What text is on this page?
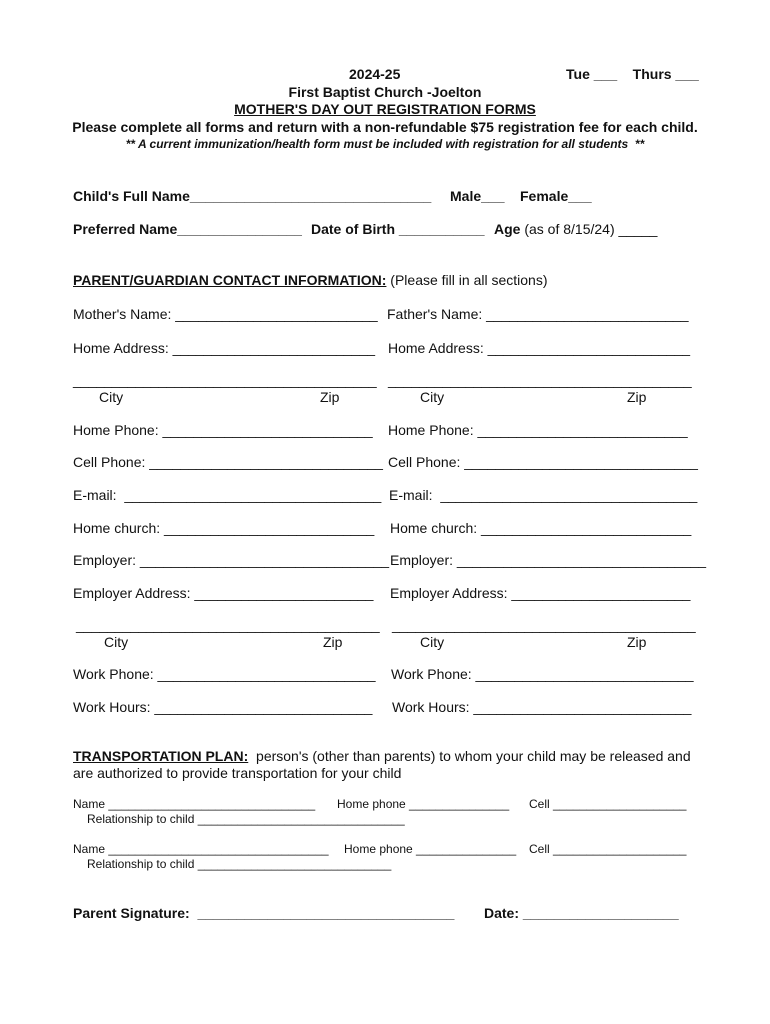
2024-25	Tue ___    Thurs ___
First Baptist Church -Joelton
MOTHER'S DAY OUT REGISTRATION FORMS
Please complete all forms and return with a non-refundable $75 registration fee for each child.
** A current immunization/health form must be included with registration for all students  **
Child's Full Name_______________________________ Male___ Female___
Preferred Name________________ Date of Birth ___________ Age (as of 8/15/24) _____
PARENT/GUARDIAN CONTACT INFORMATION: (Please fill in all sections)
Mother's Name: __________________________ Father's Name: __________________________
Home Address: __________________________ Home Address: __________________________
_______________________________________ _______________________________________
City	Zip	City	Zip
Home Phone: ___________________________ Home Phone: ___________________________
Cell Phone: ______________________________ Cell Phone: ______________________________
E-mail:  _________________________________ E-mail:  _________________________________
Home church: ___________________________ Home church: ___________________________
Employer: ________________________________ Employer: ________________________________
Employer Address: _______________________ Employer Address: _______________________
_______________________________________ _______________________________________
City	Zip	City	Zip
Work Phone: ____________________________ Work Phone: ____________________________
Work Hours: ____________________________ Work Hours: ____________________________
TRANSPORTATION PLAN:  person's (other than parents) to whom your child may be released and
are authorized to provide transportation for your child
Name _______________________________ Home phone _______________ Cell ____________________
Relationship to child _______________________________
Name _________________________________ Home phone _______________ Cell ____________________
Relationship to child _____________________________
Parent Signature:  _________________________________ Date: ____________________
